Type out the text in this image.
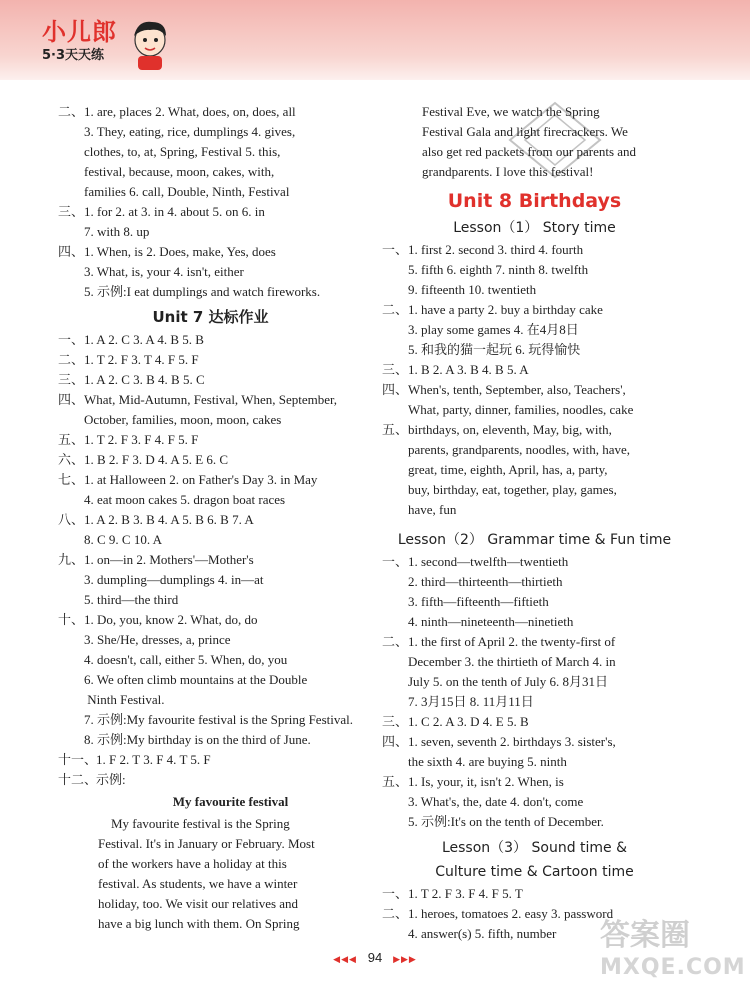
小儿郎
5·3天天练
二、1. are, places 2. What, does, on, does, all
3. They, eating, rice, dumplings 4. gives,
clothes, to, at, Spring, Festival 5. this,
festival, because, moon, cakes, with,
families 6. call, Double, Ninth, Festival
三、1. for 2. at 3. in 4. about 5. on 6. in
7. with 8. up
四、1. When, is 2. Does, make, Yes, does
3. What, is, your 4. isn't, either
5. 示例:I eat dumplings and watch fireworks.
Unit 7 达标作业
一、1. A 2. C 3. A 4. B 5. B
二、1. T 2. F 3. T 4. F 5. F
三、1. A 2. C 3. B 4. B 5. C
四、What, Mid-Autumn, Festival, When, September,
October, families, moon, moon, cakes
五、1. T 2. F 3. F 4. F 5. F
六、1. B 2. F 3. D 4. A 5. E 6. C
七、1. at Halloween 2. on Father's Day 3. in May
4. eat moon cakes 5. dragon boat races
八、1. A 2. B 3. B 4. A 5. B 6. B 7. A
8. C 9. C 10. A
九、1. on—in 2. Mothers'—Mother's
3. dumpling—dumplings 4. in—at
5. third—the third
十、1. Do, you, know 2. What, do, do
3. She/He, dresses, a, prince
4. doesn't, call, either 5. When, do, you
6. We often climb mountains at the Double
Ninth Festival.
7. 示例:My favourite festival is the Spring Festival.
8. 示例:My birthday is on the third of June.
十一、1. F 2. T 3. F 4. T 5. F
十二、示例:
My favourite festival
My favourite festival is the Spring
Festival. It's in January or February. Most
of the workers have a holiday at this
festival. As students, we have a winter
holiday, too. We visit our relatives and
have a big lunch with them. On Spring
Festival Eve, we watch the Spring
Festival Gala and light firecrackers. We
also get red packets from our parents and
grandparents. I love this festival!
Unit 8 Birthdays
Lesson（1） Story time
一、1. first 2. second 3. third 4. fourth
5. fifth 6. eighth 7. ninth 8. twelfth
9. fifteenth 10. twentieth
二、1. have a party 2. buy a birthday cake
3. play some games 4. 在4月8日
5. 和我的猫一起玩 6. 玩得愉快
三、1. B 2. A 3. B 4. B 5. A
四、When's, tenth, September, also, Teachers',
What, party, dinner, families, noodles, cake
五、birthdays, on, eleventh, May, big, with,
parents, grandparents, noodles, with, have,
great, time, eighth, April, has, a, party,
buy, birthday, eat, together, play, games,
have, fun
Lesson（2） Grammar time & Fun time
一、1. second—twelfth—twentieth
2. third—thirteenth—thirtieth
3. fifth—fifteenth—fiftieth
4. ninth—nineteenth—ninetieth
二、1. the first of April 2. the twenty-first of
December 3. the thirtieth of March 4. in
July 5. on the tenth of July 6. 8月31日
7. 3月15日 8. 11月11日
三、1. C 2. A 3. D 4. E 5. B
四、1. seven, seventh 2. birthdays 3. sister's,
the sixth 4. are buying 5. ninth
五、1. Is, your, it, isn't 2. When, is
3. What's, the, date 4. don't, come
5. 示例:It's on the tenth of December.
Lesson（3） Sound time &
Culture time & Cartoon time
一、1. T 2. F 3. F 4. F 5. T
二、1. heroes, tomatoes 2. easy 3. password
4. answer(s) 5. fifth, number
◀◀◀ 94 ▶▶▶
答案圈
MXQE.COM
